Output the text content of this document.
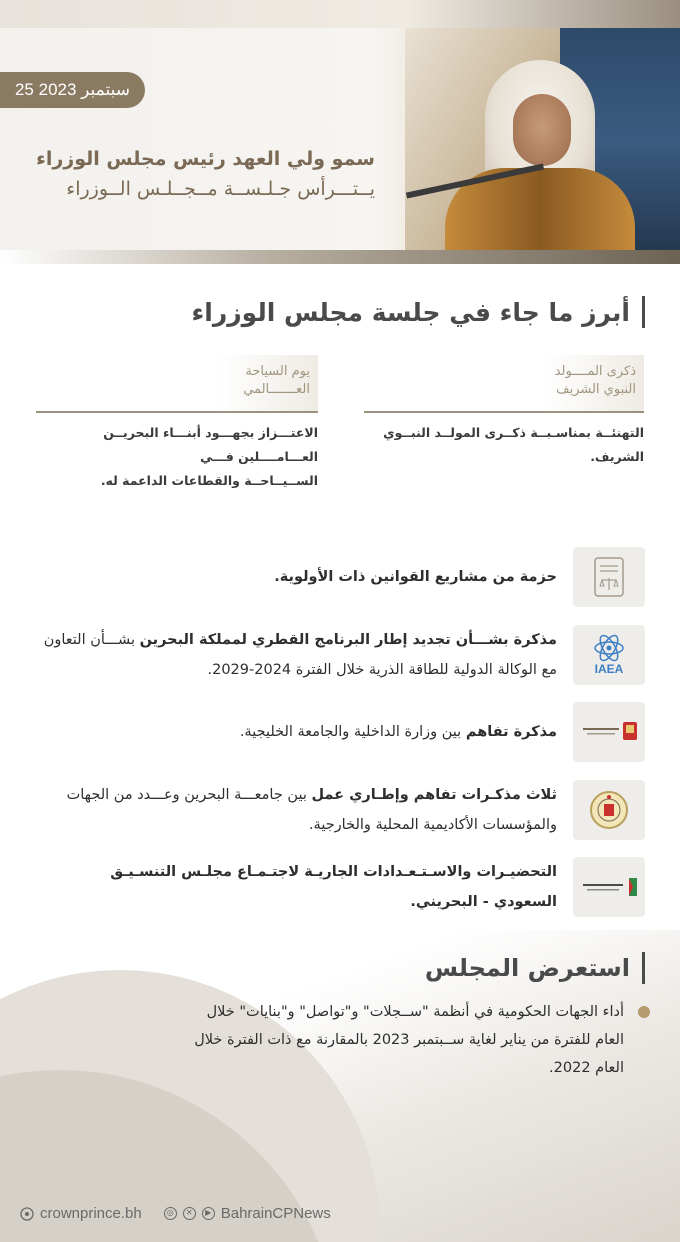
25 سبتمبر 2023
سمو ولي العهد رئيس مجلس الوزراء
يــتـــرأس جـلـســة مــجــلـس الــوزراء
أبرز ما جاء في جلسة مجلس الوزراء
ذكرى المــــولد
النبوي الشريف
التهنئــة بمناسـبــة ذكــرى المولــد النبــوي
الشريف.
يوم السياحة
العـــــــالمي
الاعتـــزاز بجهـــود أبنـــاء البحريــن العـــامــــلين فـــي
الســيــاحــة والقطاعات الداعمة له.
حزمة من مشاريع القوانين ذات الأولوية.
IAEA
مذكرة بشـــأن تجديد إطار البرنامج القطري لمملكة البحرين بشـــأن التعاون
مع الوكالة الدولية للطاقة الذرية خلال الفترة 2024-2029.
مذكرة تفاهم بين وزارة الداخلية والجامعة الخليجية.
ثلاث مذكـرات تفاهم وإطـاري عمل بين جامعـــة البحرين وعـــدد من الجهات
والمؤسسات الأكاديمية المحلية والخارجية.
التحضيـرات والاسـتـعـدادات الجاريـة لاجتـمـاع مجلـس التنسـيـق
السعودي - البحريني.
استعرض المجلس
أداء الجهات الحكومية في أنظمة "ســجلات" و"تواصل" و"بنايات" خلال
العام للفترة من يناير لغاية ســبتمبر 2023 بالمقارنة مع ذات الفترة خلال
العام 2022.
crownprince.bh	◎	✕	▶ BahrainCPNews
